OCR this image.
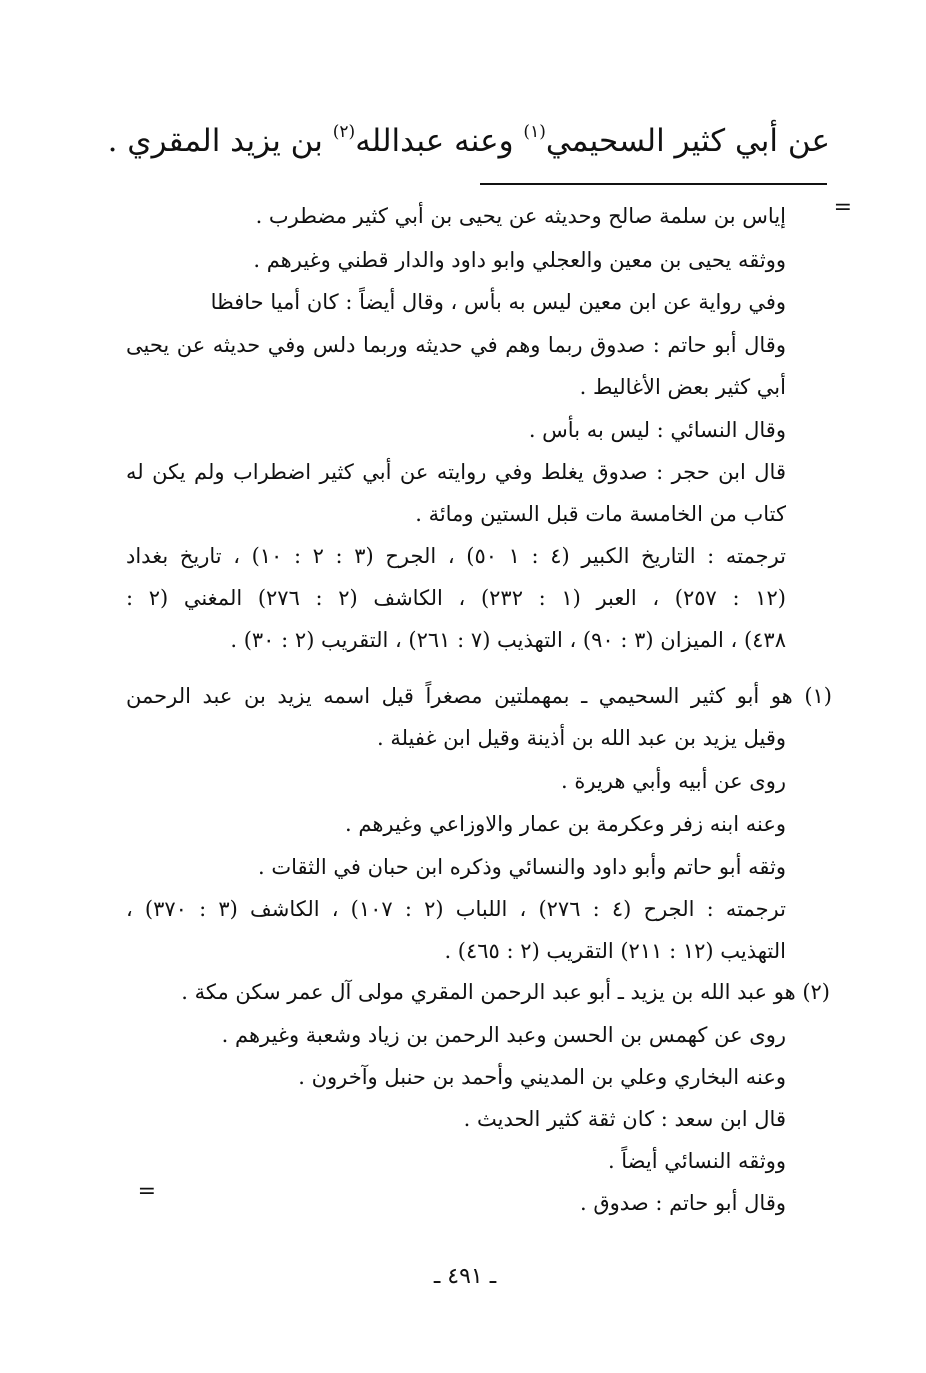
عن أبي كثير السحيمي$^{(١)}$ وعنه عبدالله$^{(٢)}$ بن يزيد المقري .
=
إياس بن سلمة صالح وحديثه عن يحيى بن أبي كثير مضطرب .
ووثقه يحيى بن معين والعجلي وابو داود والدار قطني وغيرهم .
وفي رواية عن ابن معين ليس به بأس ، وقال أيضاً : كان أميا حافظا
وقال أبو حاتم : صدوق ربما وهم في حديثه وربما دلس وفي حديثه عن يحيى
أبي كثير بعض الأغاليط .
وقال النسائي : ليس به بأس .
قال ابن حجر : صدوق يغلط وفي روايته عن أبي كثير اضطراب ولم يكن له
كتاب من الخامسة مات قبل الستين ومائة .
ترجمته : التاريخ الكبير (٤ : ١ ٥٠) ، الجرح (٣ : ٢ : ١٠) ، تاريخ بغداد
(١٢ : ٢٥٧) ، العبر (١ : ٢٣٢) ، الكاشف (٢ : ٢٧٦) المغني (٢ :
٤٣٨) ، الميزان (٣ : ٩٠) ، التهذيب (٧ : ٢٦١) ، التقريب (٢ : ٣٠) .
(١) هو أبو كثير السحيمي ـ بمهملتين مصغراً قيل اسمه يزيد بن عبد الرحمن
وقيل يزيد بن عبد الله بن أذينة وقيل ابن غفيلة .
روى عن أبيه وأبي هريرة .
وعنه ابنه زفر وعكرمة بن عمار والاوزاعي وغيرهم .
وثقه أبو حاتم وأبو داود والنسائي وذكره ابن حبان في الثقات .
ترجمته : الجرح (٤ : ٢٧٦) ، اللباب (٢ : ١٠٧) ، الكاشف (٣ : ٣٧٠) ،
التهذيب (١٢ : ٢١١) التقريب (٢ : ٤٦٥) .
(٢) هو عبد الله بن يزيد ـ أبو عبد الرحمن المقري مولى آل عمر سكن مكة .
روى عن كهمس بن الحسن وعبد الرحمن بن زياد وشعبة وغيرهم .
وعنه البخاري وعلي بن المديني وأحمد بن حنبل وآخرون .
قال ابن سعد : كان ثقة كثير الحديث .
ووثقه النسائي أيضاً .
وقال أبو حاتم : صدوق .
=
ـ ٤٩١ ـ
